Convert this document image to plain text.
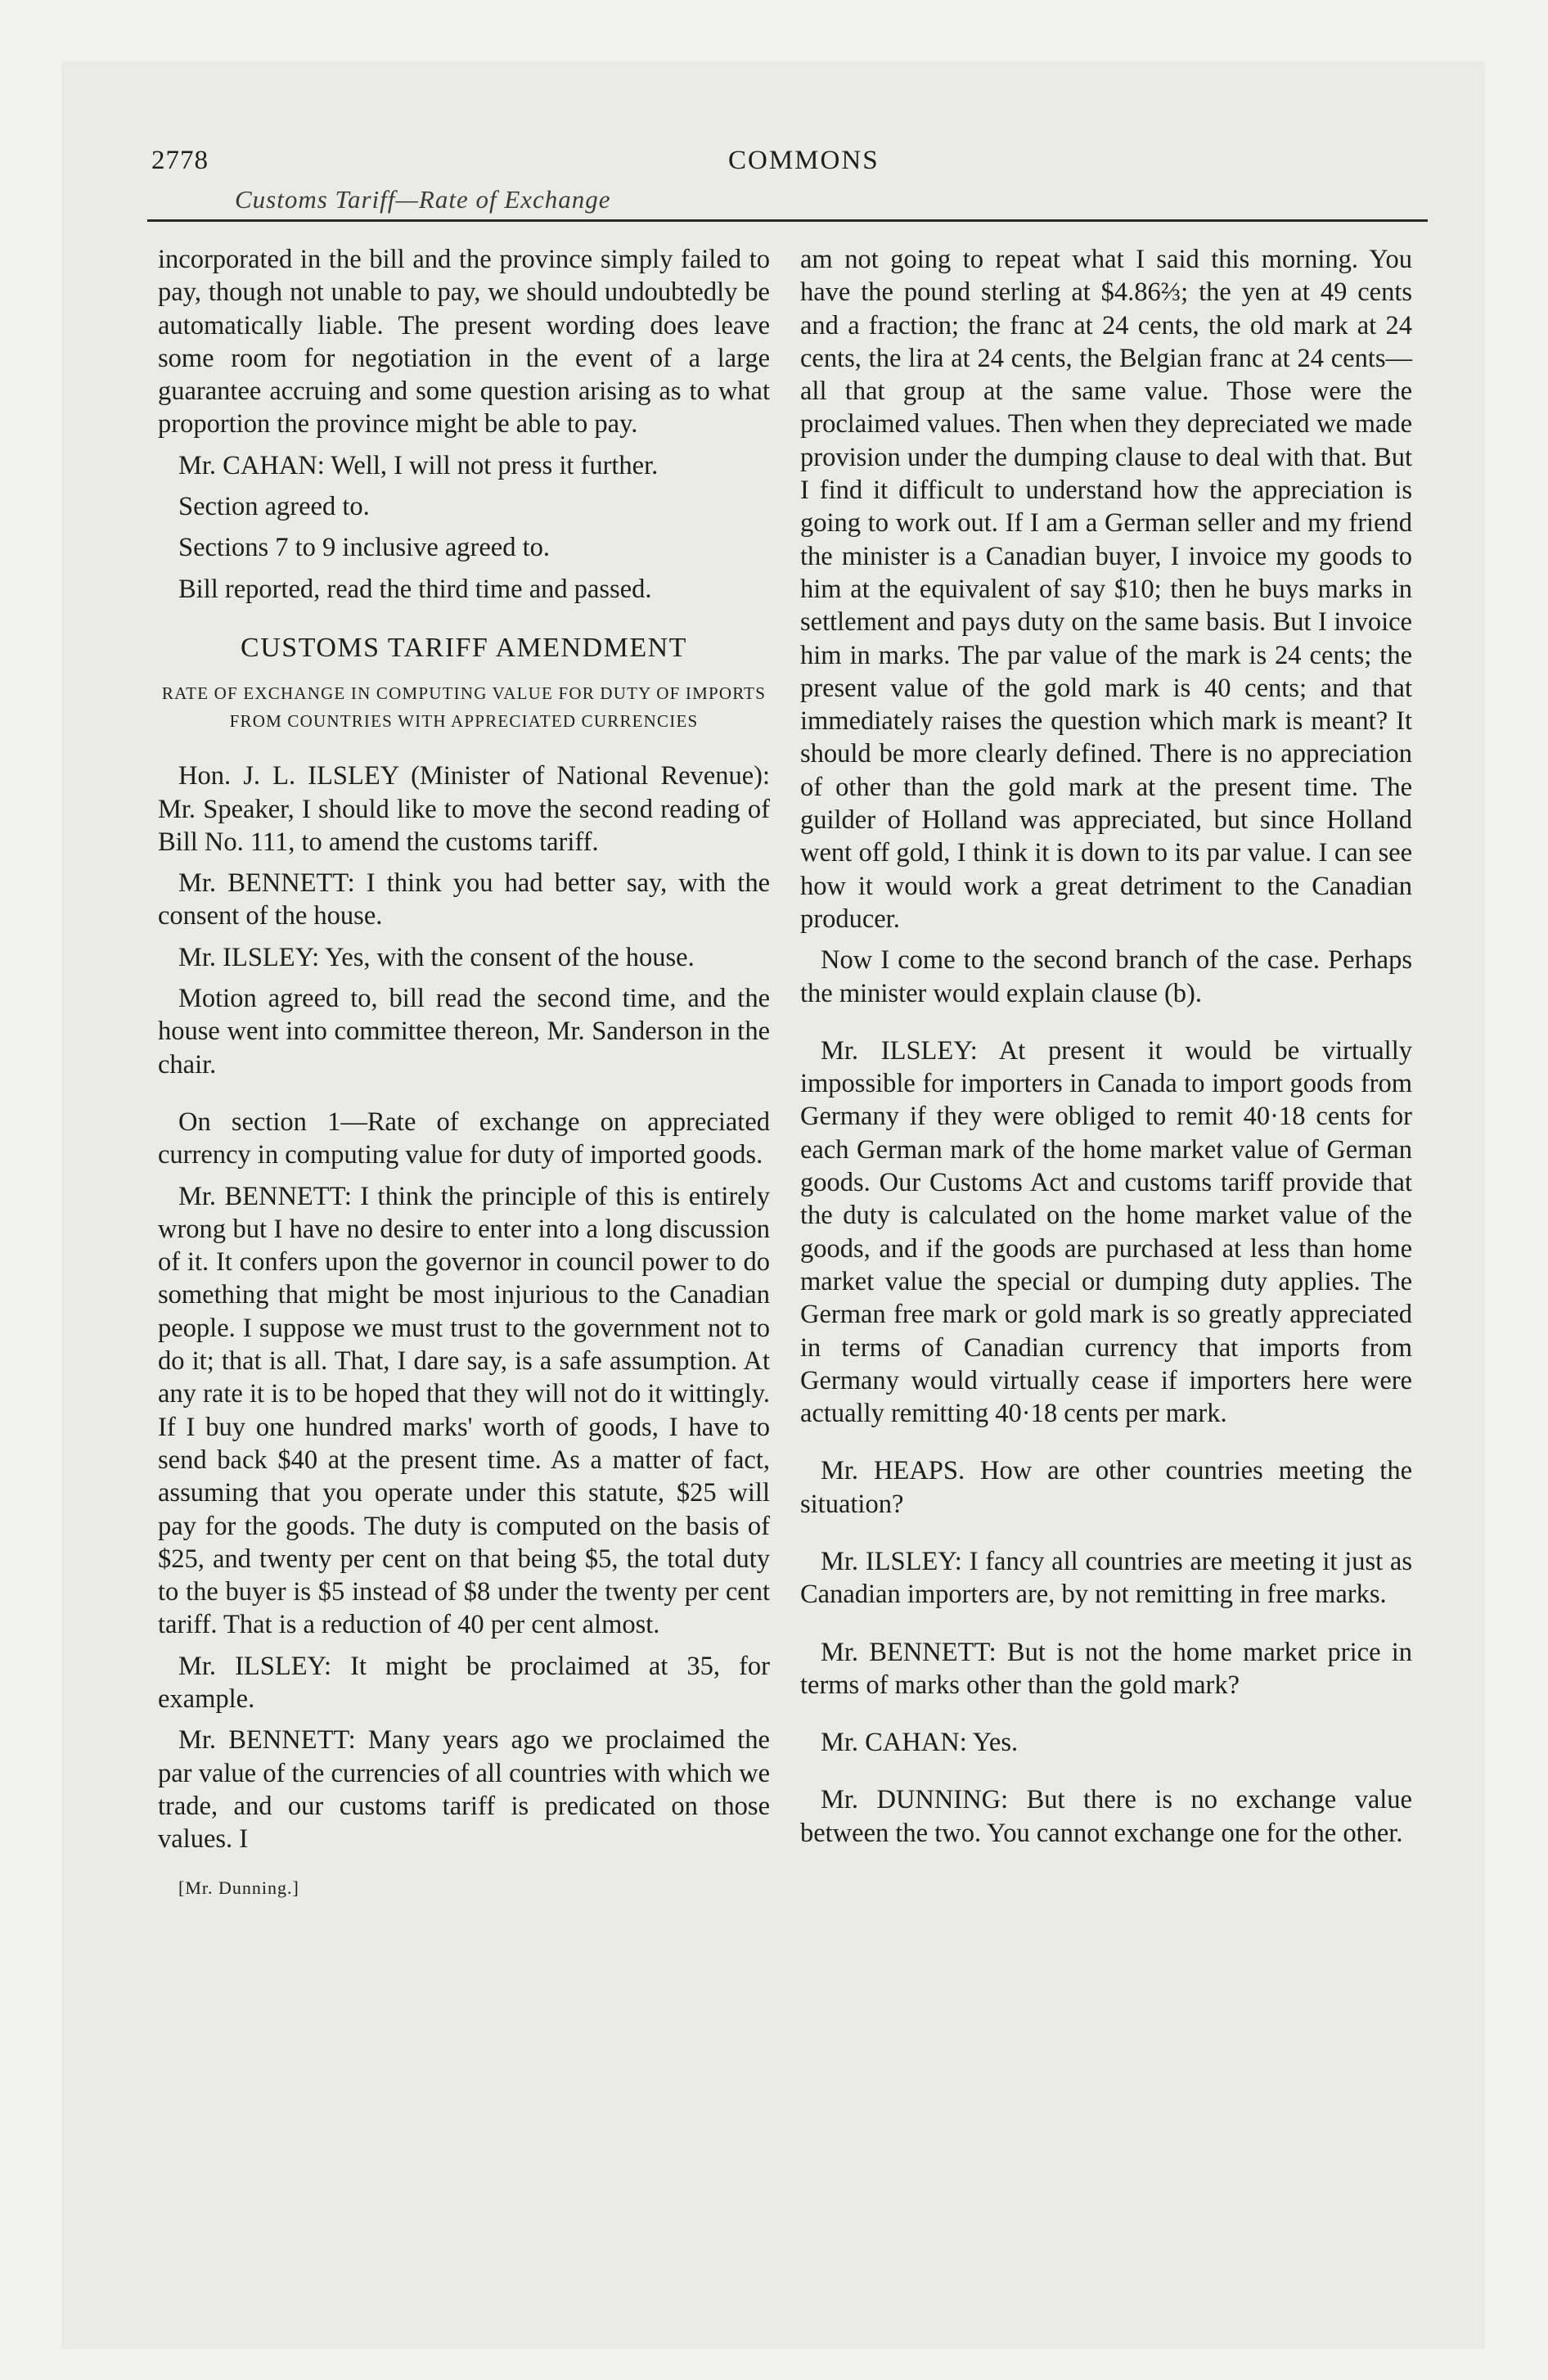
2778	COMMONS
Customs Tariff—Rate of Exchange

incorporated in the bill and the province simply failed to pay, though not unable to pay, we should undoubtedly be automatically liable. The present wording does leave some room for negotiation in the event of a large guarantee accruing and some question arising as to what proportion the province might be able to pay.

Mr. CAHAN: Well, I will not press it further.

Section agreed to.

Sections 7 to 9 inclusive agreed to.

Bill reported, read the third time and passed.

CUSTOMS TARIFF AMENDMENT

RATE OF EXCHANGE IN COMPUTING VALUE FOR DUTY OF IMPORTS FROM COUNTRIES WITH APPRECIATED CURRENCIES

Hon. J. L. ILSLEY (Minister of National Revenue): Mr. Speaker, I should like to move the second reading of Bill No. 111, to amend the customs tariff.

Mr. BENNETT: I think you had better say, with the consent of the house.

Mr. ILSLEY: Yes, with the consent of the house.

Motion agreed to, bill read the second time, and the house went into committee thereon, Mr. Sanderson in the chair.

On section 1—Rate of exchange on appreciated currency in computing value for duty of imported goods.

Mr. BENNETT: I think the principle of this is entirely wrong but I have no desire to enter into a long discussion of it. It confers upon the governor in council power to do something that might be most injurious to the Canadian people. I suppose we must trust to the government not to do it; that is all. That, I dare say, is a safe assumption. At any rate it is to be hoped that they will not do it wittingly. If I buy one hundred marks' worth of goods, I have to send back $40 at the present time. As a matter of fact, assuming that you operate under this statute, $25 will pay for the goods. The duty is computed on the basis of $25, and twenty per cent on that being $5, the total duty to the buyer is $5 instead of $8 under the twenty per cent tariff. That is a reduction of 40 per cent almost.

Mr. ILSLEY: It might be proclaimed at 35, for example.

Mr. BENNETT: Many years ago we proclaimed the par value of the currencies of all countries with which we trade, and our customs tariff is predicated on those values. I

[Mr. Dunning.]

am not going to repeat what I said this morning. You have the pound sterling at $4.86⅔; the yen at 49 cents and a fraction; the franc at 24 cents, the old mark at 24 cents, the lira at 24 cents, the Belgian franc at 24 cents—all that group at the same value. Those were the proclaimed values. Then when they depreciated we made provision under the dumping clause to deal with that. But I find it difficult to understand how the appreciation is going to work out. If I am a German seller and my friend the minister is a Canadian buyer, I invoice my goods to him at the equivalent of say $10; then he buys marks in settlement and pays duty on the same basis. But I invoice him in marks. The par value of the mark is 24 cents; the present value of the gold mark is 40 cents; and that immediately raises the question which mark is meant? It should be more clearly defined. There is no appreciation of other than the gold mark at the present time. The guilder of Holland was appreciated, but since Holland went off gold, I think it is down to its par value. I can see how it would work a great detriment to the Canadian producer.

Now I come to the second branch of the case. Perhaps the minister would explain clause (b).

Mr. ILSLEY: At present it would be virtually impossible for importers in Canada to import goods from Germany if they were obliged to remit 40·18 cents for each German mark of the home market value of German goods. Our Customs Act and customs tariff provide that the duty is calculated on the home market value of the goods, and if the goods are purchased at less than home market value the special or dumping duty applies. The German free mark or gold mark is so greatly appreciated in terms of Canadian currency that imports from Germany would virtually cease if importers here were actually remitting 40·18 cents per mark.

Mr. HEAPS. How are other countries meeting the situation?

Mr. ILSLEY: I fancy all countries are meeting it just as Canadian importers are, by not remitting in free marks.

Mr. BENNETT: But is not the home market price in terms of marks other than the gold mark?

Mr. CAHAN: Yes.

Mr. DUNNING: But there is no exchange value between the two. You cannot exchange one for the other.
